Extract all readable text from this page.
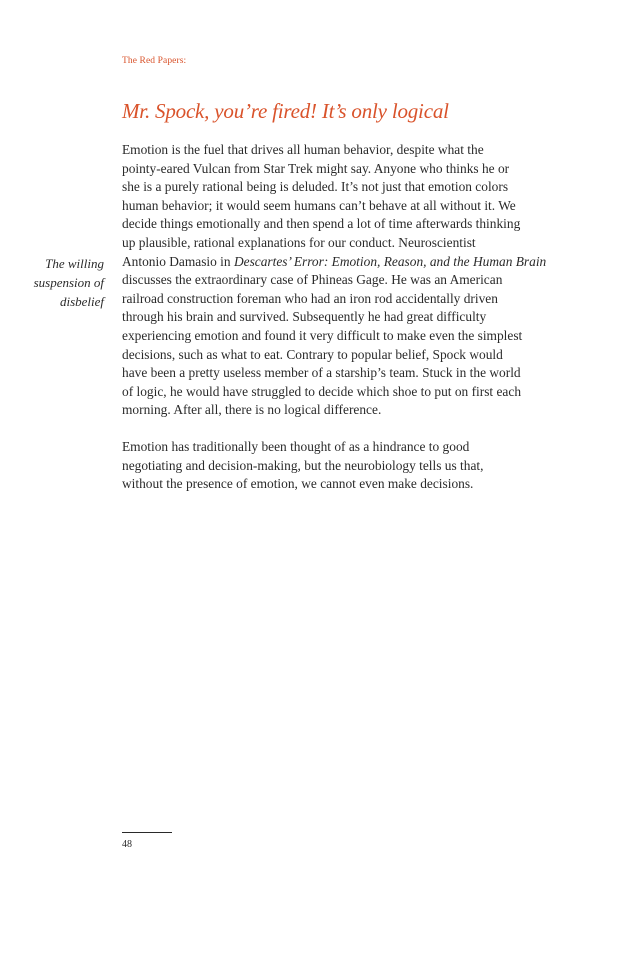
The Red Papers:
Mr. Spock, you’re fired! It’s only logical
The willing
suspension of
disbelief

Emotion is the fuel that drives all human behavior, despite what the
pointy-eared Vulcan from Star Trek might say. Anyone who thinks he or
she is a purely rational being is deluded. It’s not just that emotion colors
human behavior; it would seem humans can’t behave at all without it. We
decide things emotionally and then spend a lot of time afterwards thinking
up plausible, rational explanations for our conduct. Neuroscientist
Antonio Damasio in Descartes’ Error: Emotion, Reason, and the Human Brain
discusses the extraordinary case of Phineas Gage. He was an American
railroad construction foreman who had an iron rod accidentally driven
through his brain and survived. Subsequently he had great difficulty
experiencing emotion and found it very difficult to make even the simplest
decisions, such as what to eat. Contrary to popular belief, Spock would
have been a pretty useless member of a starship’s team. Stuck in the world
of logic, he would have struggled to decide which shoe to put on first each
morning. After all, there is no logical difference.

Emotion has traditionally been thought of as a hindrance to good
negotiating and decision-making, but the neurobiology tells us that,
without the presence of emotion, we cannot even make decisions.

48
